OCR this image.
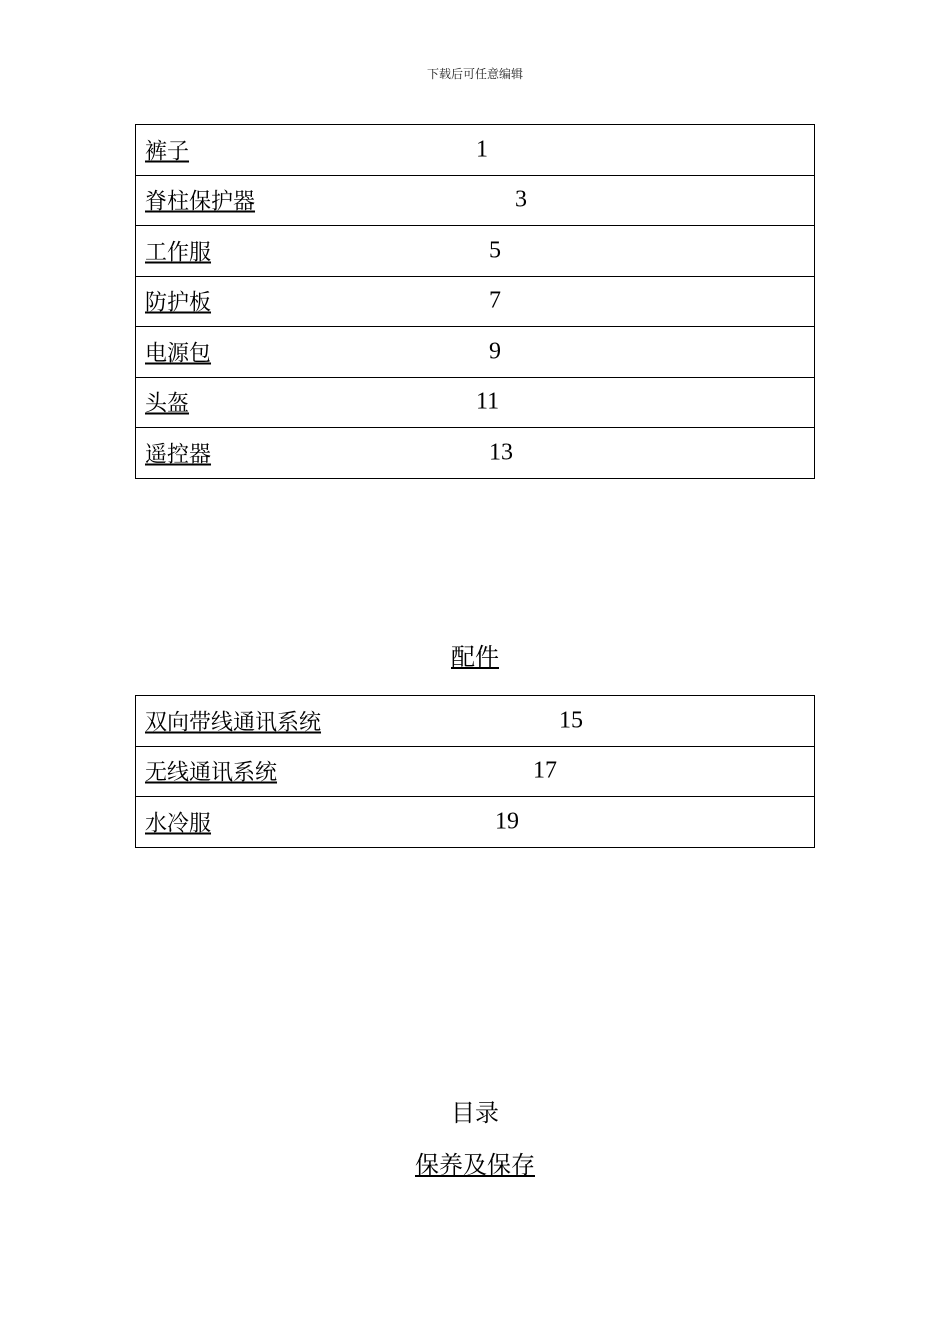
下载后可任意编辑
裤子	1

脊柱保护器	3

工作服	5

防护板	7

电源包	9

头盔	11

遥控器	13
配件
双向带线通讯系统	15

无线通讯系统	17

水冷服	19
目录
保养及保存
